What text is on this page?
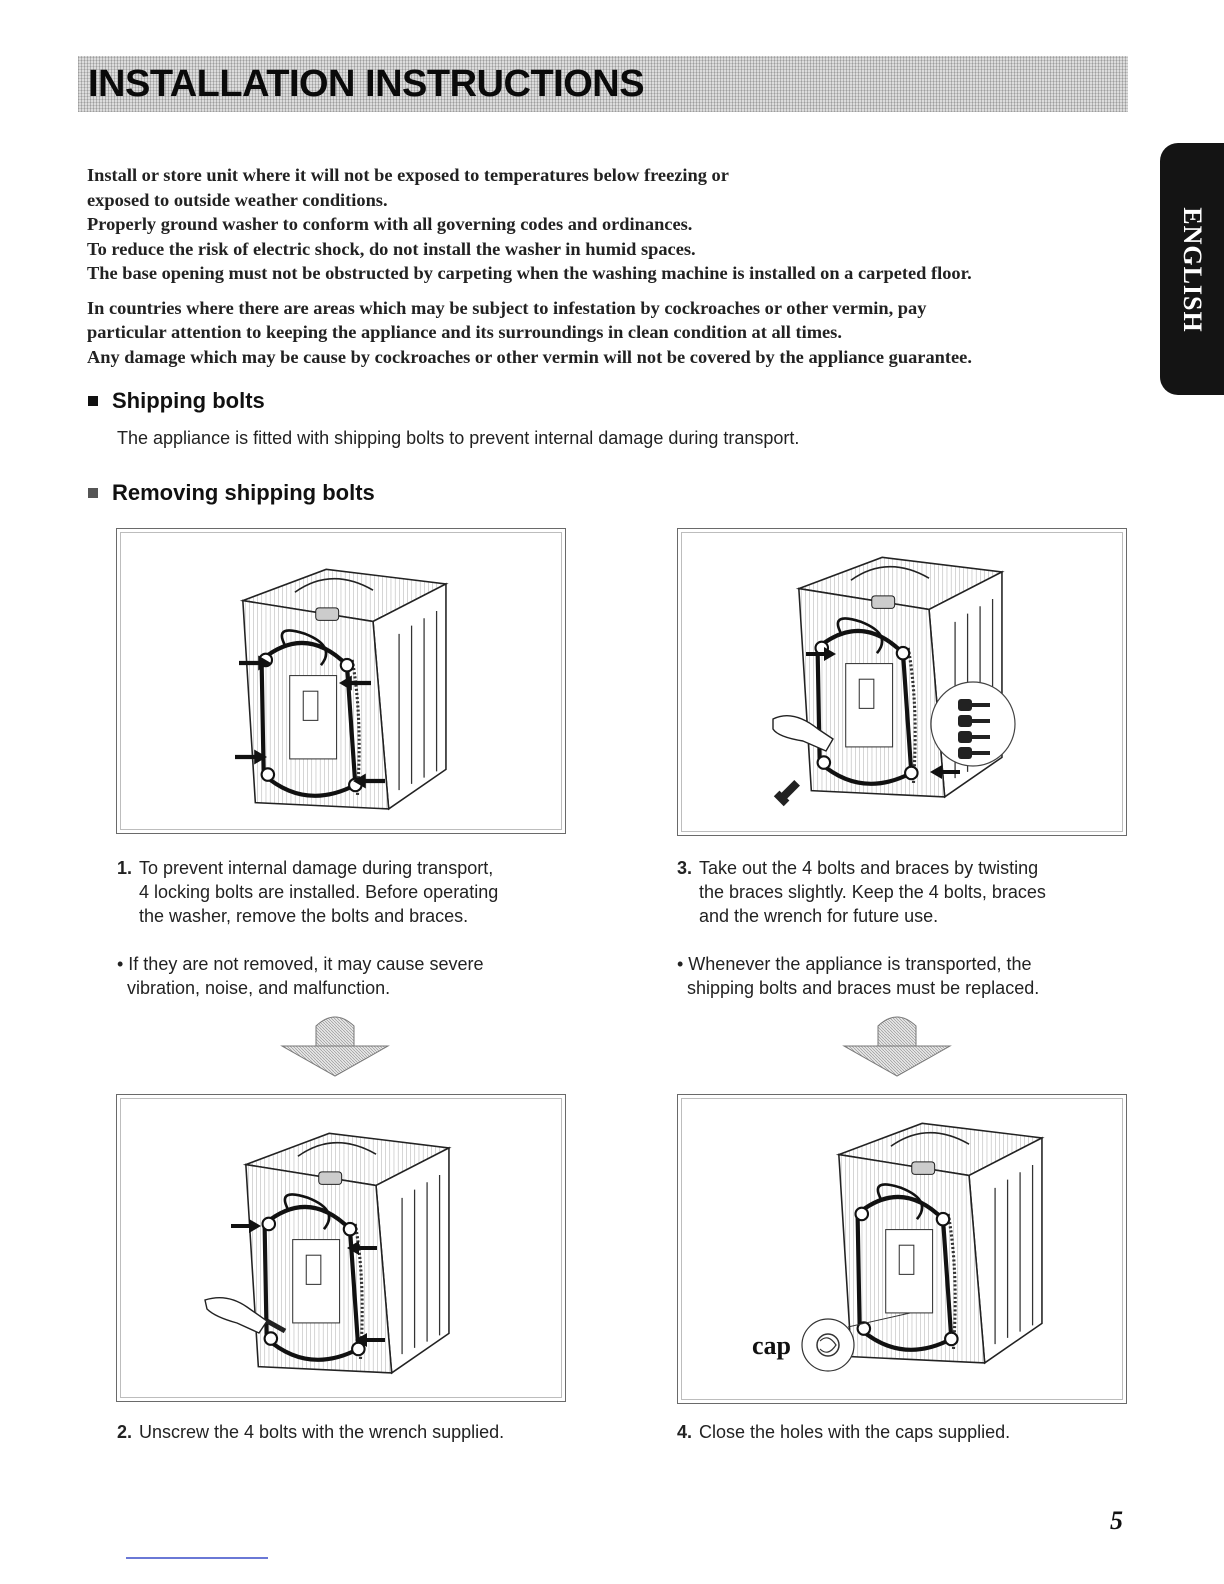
INSTALLATION INSTRUCTIONS
ENGLISH

Install or store unit where it will not be exposed to temperatures below freezing or

exposed to outside weather conditions.

Properly ground washer to conform with all governing codes and ordinances.

To reduce the risk of electric shock, do not install the washer in humid spaces.

The base opening must not be obstructed by carpeting when the washing machine is installed on a carpeted floor.

In countries where there are areas which may be subject to infestation by cockroaches or other vermin, pay

particular attention to keeping the appliance and its surroundings in clean condition at all times.

Any damage which may be cause by cockroaches or other vermin will not be covered by the appliance guarantee.

Shipping bolts
The appliance is fitted with shipping bolts to prevent internal damage during transport.
Removing shipping bolts
1. To prevent internal damage during transport,
4 locking bolts are installed. Before operating
the washer, remove the bolts and braces.
• If they are not removed, it may cause severe
vibration, noise, and malfunction.
3. Take out the 4 bolts and braces by twisting
the braces slightly. Keep the 4 bolts, braces
and the wrench for future use.
• Whenever the appliance is transported, the
shipping bolts and braces must be replaced.
cap
2. Unscrew the 4 bolts with the wrench supplied.	4. Close the holes with the caps supplied.
5
